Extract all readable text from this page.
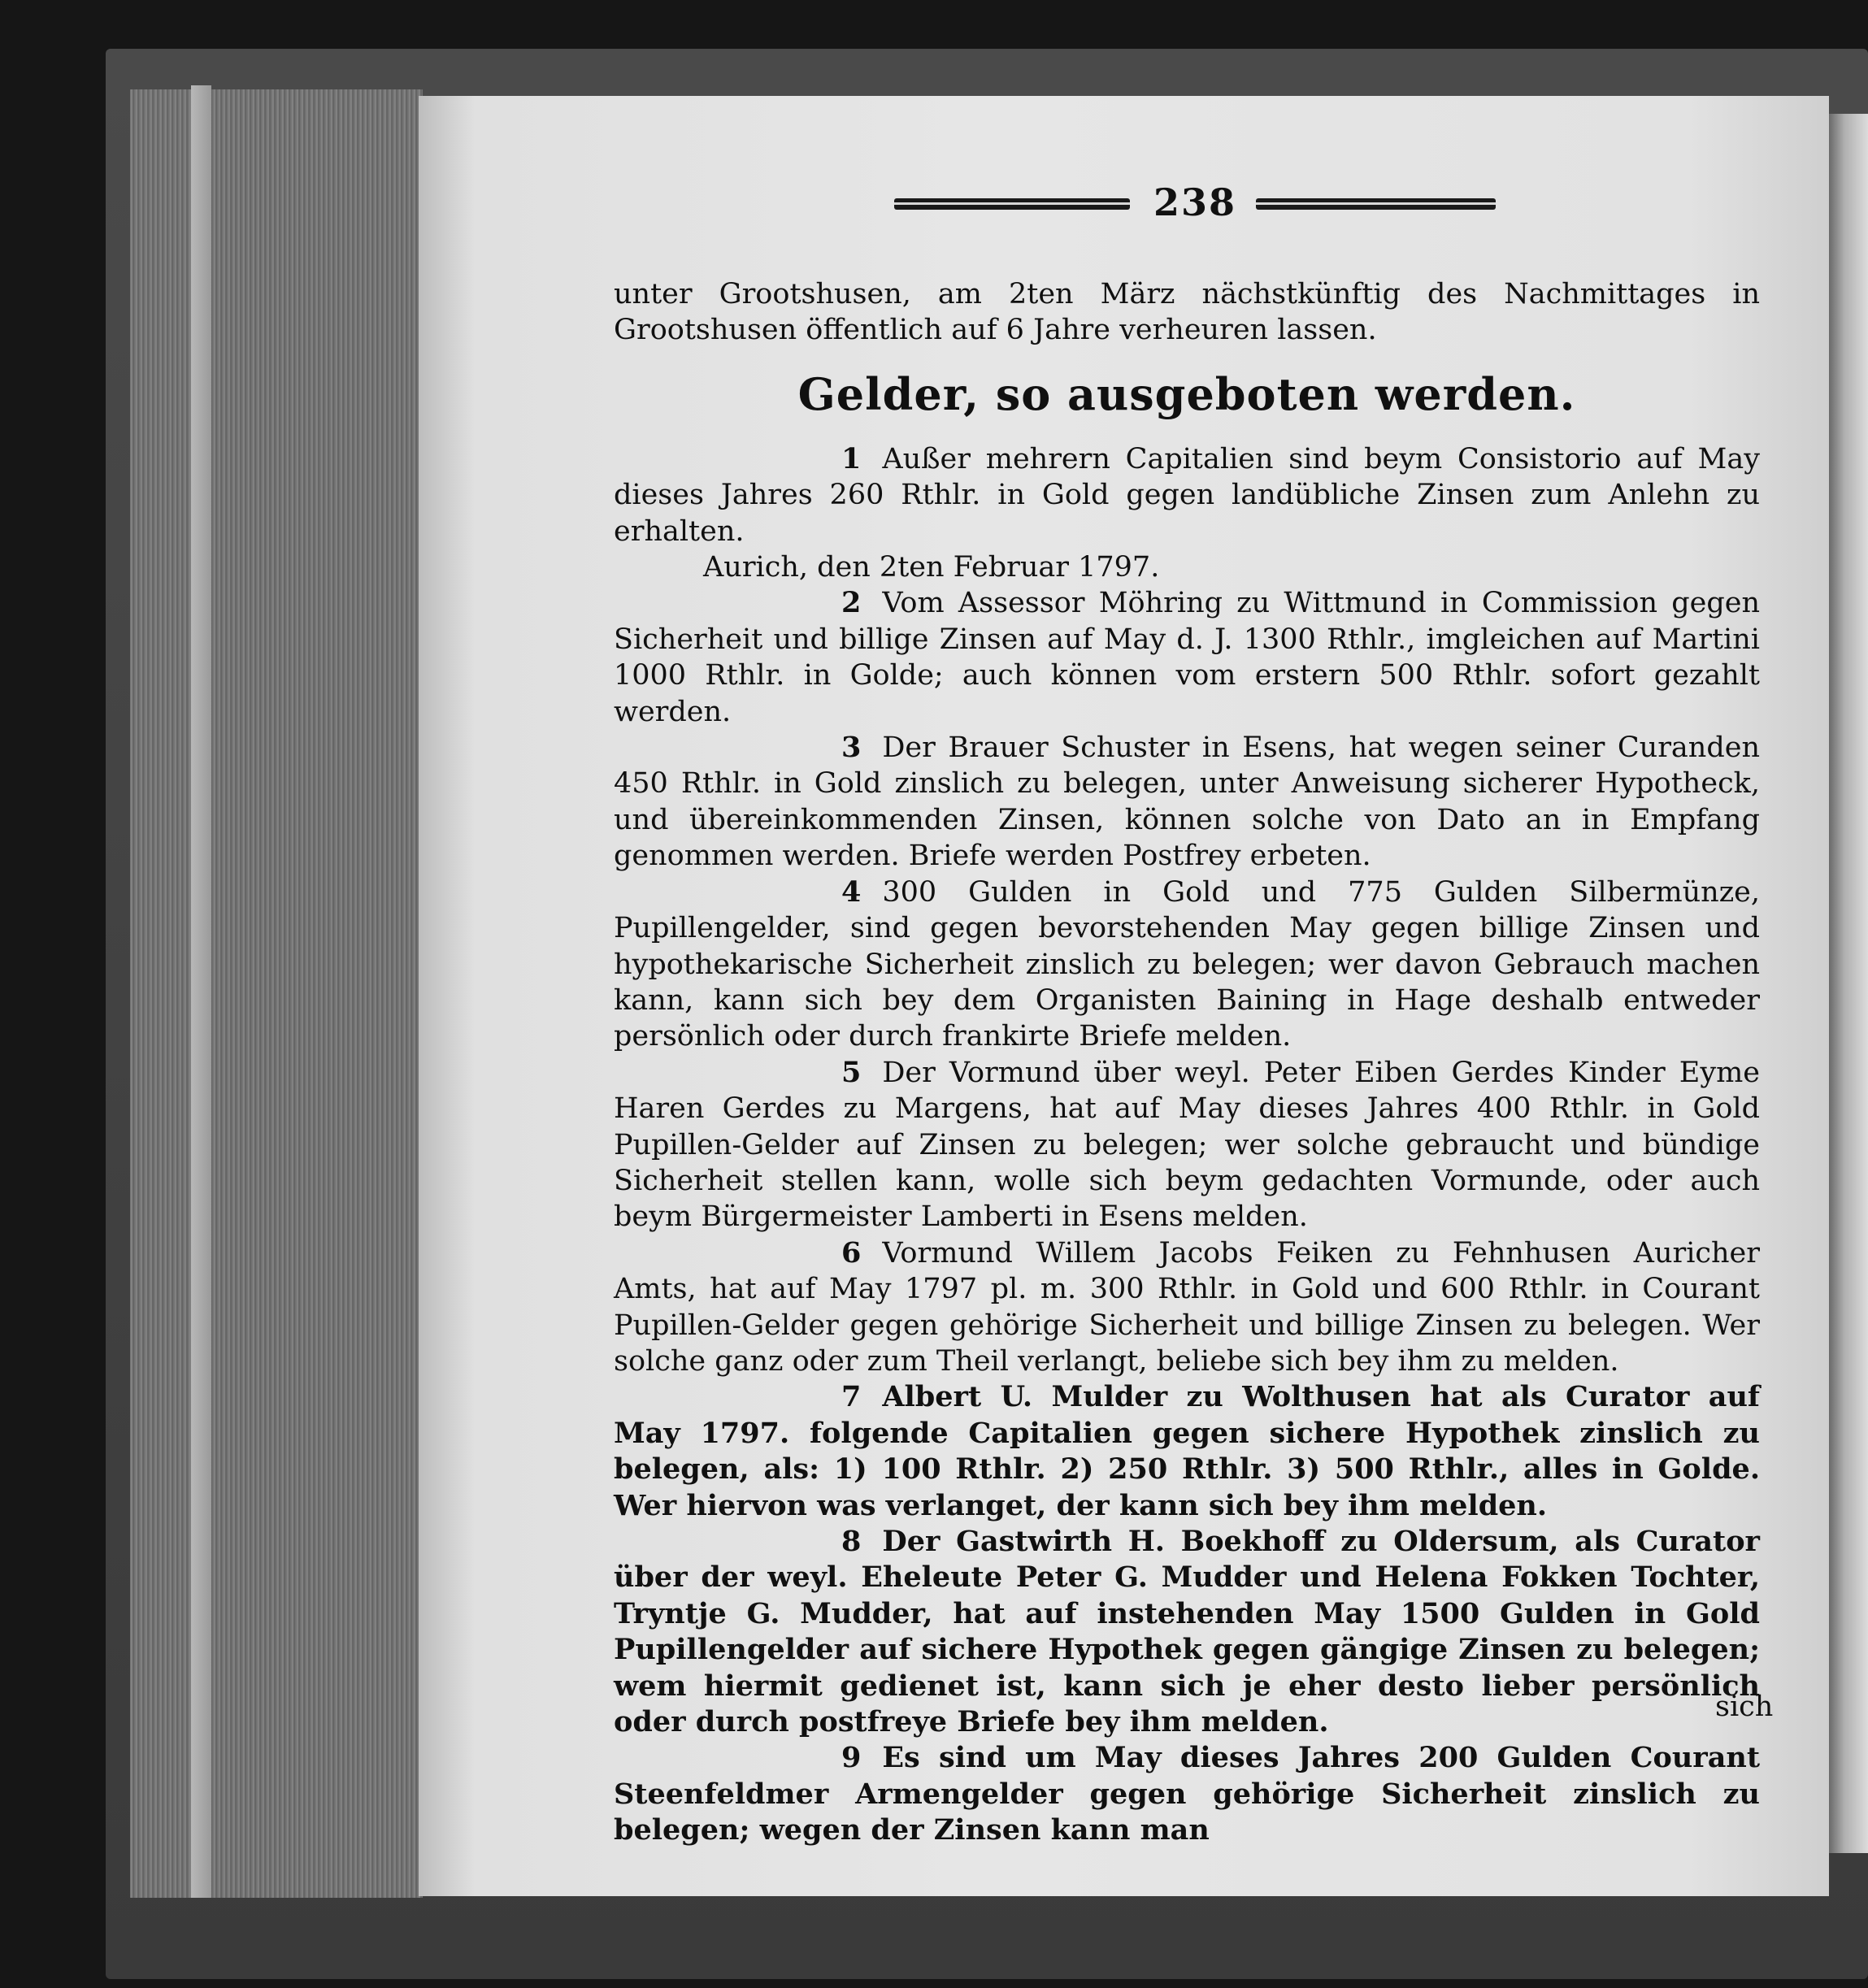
238

unter Grootshusen, am 2ten März nächstkünftig des Nachmittages in Grootshusen öffentlich auf 6 Jahre verheuren lassen.

Gelder, so ausgeboten werden.

1 Außer mehrern Capitalien sind beym Consistorio auf May dieses Jahres 260 Rthlr. in Gold gegen landübliche Zinsen zum Anlehn zu erhalten.

Aurich, den 2ten Februar 1797.

2 Vom Assessor Möhring zu Wittmund in Commission gegen Sicherheit und billige Zinsen auf May d. J. 1300 Rthlr., imgleichen auf Martini 1000 Rthlr. in Golde; auch können vom erstern 500 Rthlr. sofort gezahlt werden.

3 Der Brauer Schuster in Esens, hat wegen seiner Curanden 450 Rthlr. in Gold zinslich zu belegen, unter Anweisung sicherer Hypotheck, und übereinkommenden Zinsen, können solche von Dato an in Empfang genommen werden. Briefe werden Postfrey erbeten.

4 300 Gulden in Gold und 775 Gulden Silbermünze, Pupillengelder, sind gegen bevorstehenden May gegen billige Zinsen und hypothekarische Sicherheit zinslich zu belegen; wer davon Gebrauch machen kann, kann sich bey dem Organisten Baining in Hage deshalb entweder persönlich oder durch frankirte Briefe melden.

5 Der Vormund über weyl. Peter Eiben Gerdes Kinder Eyme Haren Gerdes zu Margens, hat auf May dieses Jahres 400 Rthlr. in Gold Pupillen-Gelder auf Zinsen zu belegen; wer solche gebraucht und bündige Sicherheit stellen kann, wolle sich beym gedachten Vormunde, oder auch beym Bürgermeister Lamberti in Esens melden.

6 Vormund Willem Jacobs Feiken zu Fehnhusen Auricher Amts, hat auf May 1797 pl. m. 300 Rthlr. in Gold und 600 Rthlr. in Courant Pupillen-Gelder gegen gehörige Sicherheit und billige Zinsen zu belegen. Wer solche ganz oder zum Theil verlangt, beliebe sich bey ihm zu melden.

7 Albert U. Mulder zu Wolthusen hat als Curator auf May 1797. folgende Capitalien gegen sichere Hypothek zinslich zu belegen, als: 1) 100 Rthlr. 2) 250 Rthlr. 3) 500 Rthlr., alles in Golde. Wer hiervon was verlanget, der kann sich bey ihm melden.

8 Der Gastwirth H. Boekhoff zu Oldersum, als Curator über der weyl. Eheleute Peter G. Mudder und Helena Fokken Tochter, Tryntje G. Mudder, hat auf instehenden May 1500 Gulden in Gold Pupillengelder auf sichere Hypothek gegen gängige Zinsen zu belegen; wem hiermit gedienet ist, kann sich je eher desto lieber persönlich oder durch postfreye Briefe bey ihm melden.

9 Es sind um May dieses Jahres 200 Gulden Courant Steenfeldmer Armengelder gegen gehörige Sicherheit zinslich zu belegen; wegen der Zinsen kann man

sich
